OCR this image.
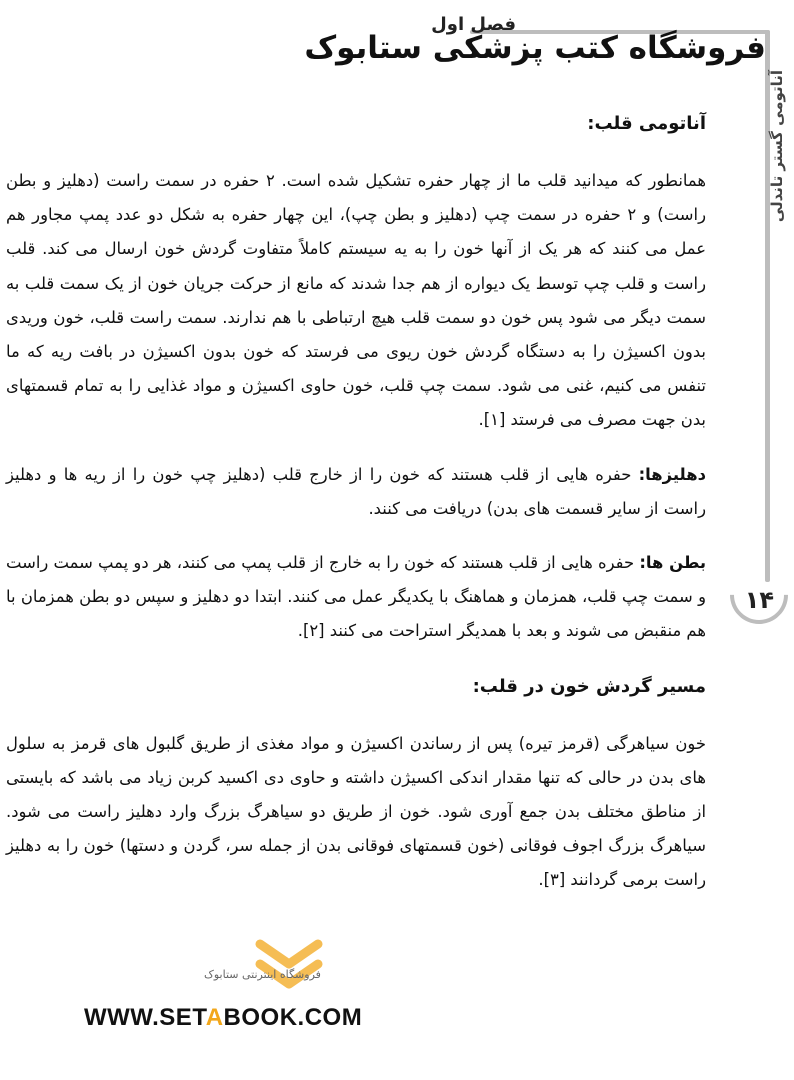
فصل اول
فروشگاه کتب پزشکی ستابوک
آناتومی گستر تاندلی
۱۴
آناتومی قلب:

همانطور که میدانید قلب ما از چهار حفره تشکیل شده است. ۲ حفره در سمت راست (دهلیز و بطن راست) و ۲ حفره در سمت چپ (دهلیز و بطن چپ)، این چهار حفره به شکل دو عدد پمپ مجاور هم عمل می کنند که هر یک از آنها خون را به یه سیستم کاملاً متفاوت گردش خون ارسال می کند. قلب راست و قلب چپ توسط یک دیواره از هم جدا شدند که مانع از حرکت جریان خون از یک سمت قلب به سمت دیگر می شود پس خون دو سمت قلب هیچ ارتباطی با هم ندارند. سمت راست قلب، خون وریدی بدون اکسیژن را به دستگاه گردش خون ریوی می فرستد که خون بدون اکسیژن در بافت ریه که ما تنفس می کنیم، غنی می شود. سمت چپ قلب، خون حاوی اکسیژن و مواد غذایی را به تمام قسمتهای بدن جهت مصرف می فرستد [۱].

دهلیزها: حفره هایی از قلب هستند که خون را از خارج قلب (دهلیز چپ خون را از ریه ها و دهلیز راست از سایر قسمت های بدن) دریافت می کنند.

بطن ها: حفره هایی از قلب هستند که خون را به خارج از قلب پمپ می کنند، هر دو پمپ سمت راست و سمت چپ قلب، همزمان و هماهنگ با یکدیگر عمل می کنند. ابتدا دو دهلیز و سپس دو بطن همزمان با هم منقبض می شوند و بعد با همدیگر استراحت می کنند [۲].

مسیر گردش خون در قلب:

خون سیاهرگی (قرمز تیره) پس از رساندن اکسیژن و مواد مغذی از طریق گلبول های قرمز به سلول های بدن در حالی که تنها مقدار اندکی اکسیژن داشته و حاوی دی اکسید کربن زیاد می باشد که بایستی از مناطق مختلف بدن جمع آوری شود. خون از طریق دو سیاهرگ بزرگ وارد دهلیز راست می شود. سیاهرگ بزرگ اجوف فوقانی (خون قسمتهای فوقانی بدن از جمله سر، گردن و دستها) خون را به دهلیز راست برمی گردانند [۳].

فروشگاه اینترنتی ستابوک
WWW.SETABOOK.COM
